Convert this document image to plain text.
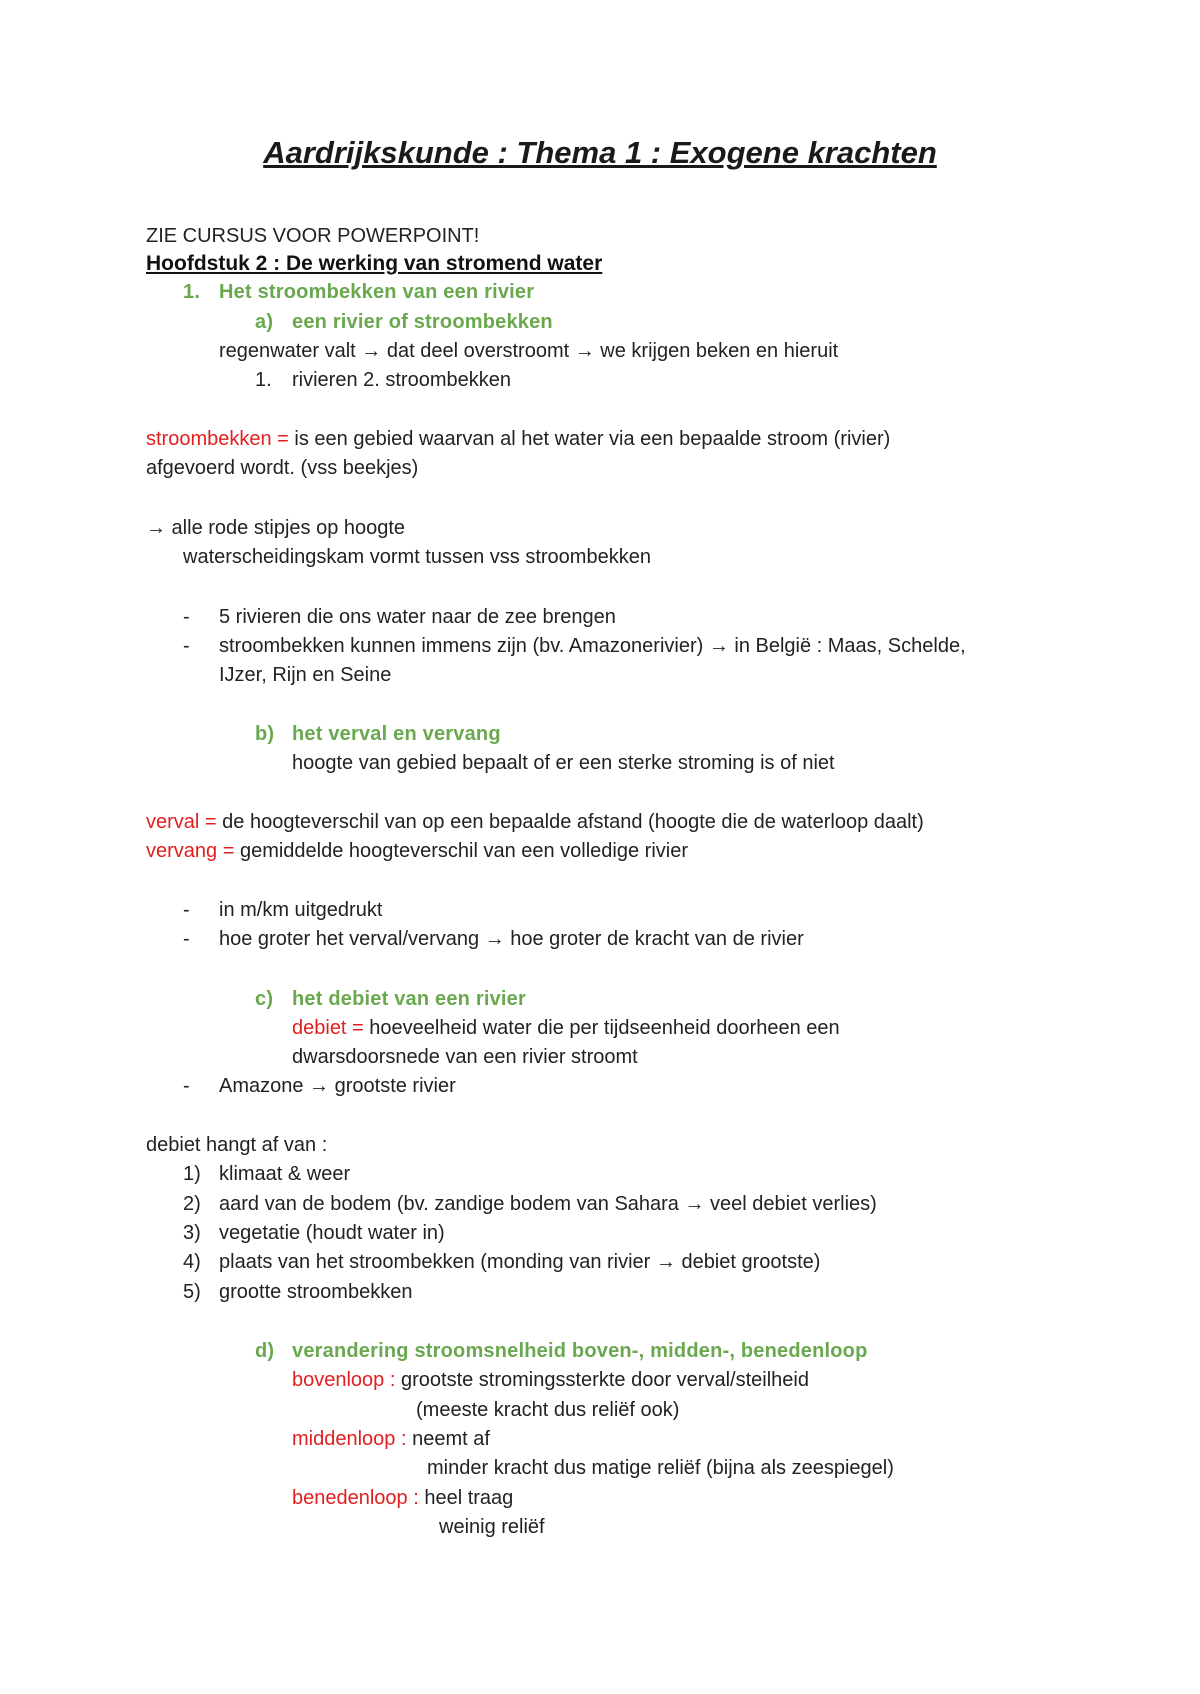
Aardrijkskunde : Thema 1 : Exogene krachten
ZIE CURSUS VOOR POWERPOINT!
Hoofdstuk 2 : De werking van stromend water
1. Het stroombekken van een rivier
a) een rivier of stroombekken
regenwater valt → dat deel overstroomt → we krijgen beken en hieruit
1. rivieren 2. stroombekken
stroombekken = is een gebied waarvan al het water via een bepaalde stroom (rivier)
afgevoerd wordt. (vss beekjes)
→ alle rode stipjes op hoogte
waterscheidingskam vormt tussen vss stroombekken
- 5 rivieren die ons water naar de zee brengen
- stroombekken kunnen immens zijn (bv. Amazonerivier) → in België : Maas, Schelde,
IJzer, Rijn en Seine
b) het verval en vervang
hoogte van gebied bepaalt of er een sterke stroming is of niet
verval = de hoogteverschil van op een bepaalde afstand (hoogte die de waterloop daalt)
vervang = gemiddelde hoogteverschil van een volledige rivier
- in m/km uitgedrukt
- hoe groter het verval/vervang → hoe groter de kracht van de rivier
c) het debiet van een rivier
debiet = hoeveelheid water die per tijdseenheid doorheen een
dwarsdoorsnede van een rivier stroomt
- Amazone → grootste rivier
debiet hangt af van :
1) klimaat & weer
2) aard van de bodem (bv. zandige bodem van Sahara → veel debiet verlies)
3) vegetatie (houdt water in)
4) plaats van het stroombekken (monding van rivier → debiet grootste)
5) grootte stroombekken
d) verandering stroomsnelheid boven-, midden-, benedenloop
bovenloop : grootste stromingssterkte door verval/steilheid
(meeste kracht dus reliëf ook)
middenloop : neemt af
minder kracht dus matige reliëf (bijna als zeespiegel)
benedenloop : heel traag
weinig reliëf
